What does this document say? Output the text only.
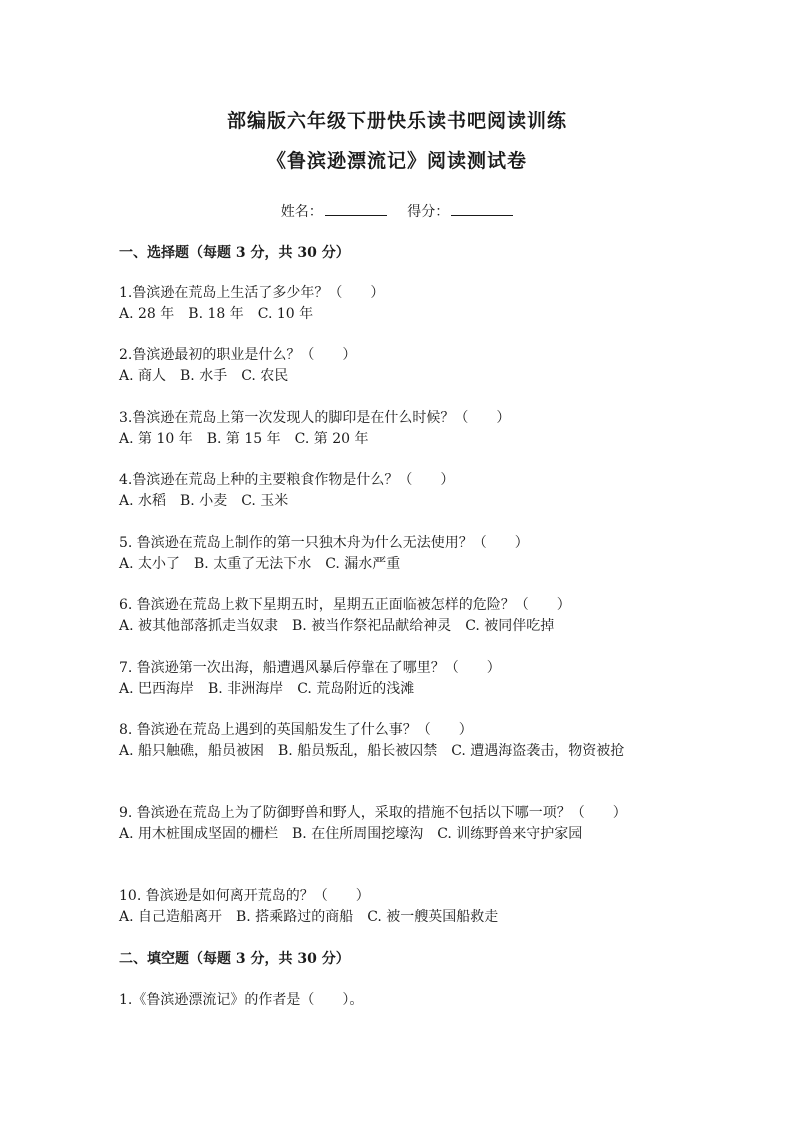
部编版六年级下册快乐读书吧阅读训练
《鲁滨逊漂流记》阅读测试卷
姓名：	得分：
一、选择题（每题 3 分，共 30 分）
1.鲁滨逊在荒岛上生活了多少年？（　　）
A. 28 年　B. 18 年　C. 10 年
2.鲁滨逊最初的职业是什么？（　　）
A. 商人　B. 水手　C. 农民
3.鲁滨逊在荒岛上第一次发现人的脚印是在什么时候？（　　）
A. 第 10 年　B. 第 15 年　C. 第 20 年
4.鲁滨逊在荒岛上种的主要粮食作物是什么？（　　）
A. 水稻　B. 小麦　C. 玉米
5. 鲁滨逊在荒岛上制作的第一只独木舟为什么无法使用？（　　）
A. 太小了　B. 太重了无法下水　C. 漏水严重
6. 鲁滨逊在荒岛上救下星期五时，星期五正面临被怎样的危险？（　　）
A. 被其他部落抓走当奴隶　B. 被当作祭祀品献给神灵　C. 被同伴吃掉
7. 鲁滨逊第一次出海，船遭遇风暴后停靠在了哪里？（　　）
A. 巴西海岸　B. 非洲海岸　C. 荒岛附近的浅滩
8. 鲁滨逊在荒岛上遇到的英国船发生了什么事？（　　）
A. 船只触礁，船员被困　B. 船员叛乱，船长被囚禁　C. 遭遇海盗袭击，物资被抢
9. 鲁滨逊在荒岛上为了防御野兽和野人，采取的措施不包括以下哪一项？（　　）
A. 用木桩围成坚固的栅栏　B. 在住所周围挖壕沟　C. 训练野兽来守护家园
10. 鲁滨逊是如何离开荒岛的？（　　）
A. 自己造船离开　B. 搭乘路过的商船　C. 被一艘英国船救走
二、填空题（每题 3 分，共 30 分）
1.《鲁滨逊漂流记》的作者是（　　）。
